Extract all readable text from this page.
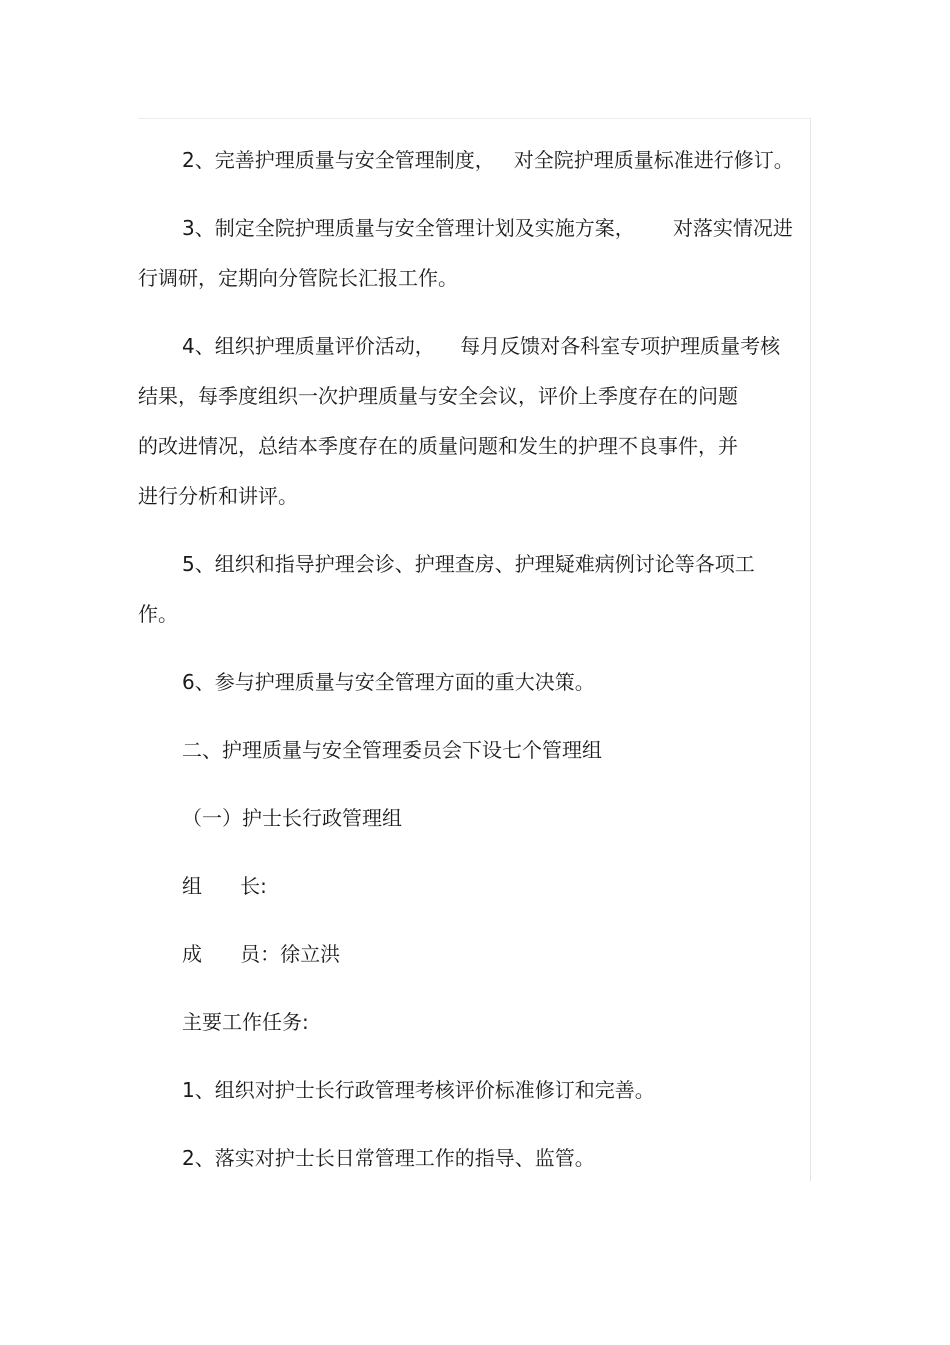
2、完善护理质量与安全管理制度，   对全院护理质量标准进行修订。

3、制定全院护理质量与安全管理计划及实施方案，      对落实情况进

行调研，定期向分管院长汇报工作。

4、组织护理质量评价活动，    每月反馈对各科室专项护理质量考核

结果，每季度组织一次护理质量与安全会议，评价上季度存在的问题

的改进情况，总结本季度存在的质量问题和发生的护理不良事件，并

进行分析和讲评。

5、组织和指导护理会诊、护理查房、护理疑难病例讨论等各项工

作。

6、参与护理质量与安全管理方面的重大决策。

二、护理质量与安全管理委员会下设七个管理组

（一）护士长行政管理组

组      长:

成      员：徐立洪

主要工作任务:

1、组织对护士长行政管理考核评价标准修订和完善。

2、落实对护士长日常管理工作的指导、监管。
